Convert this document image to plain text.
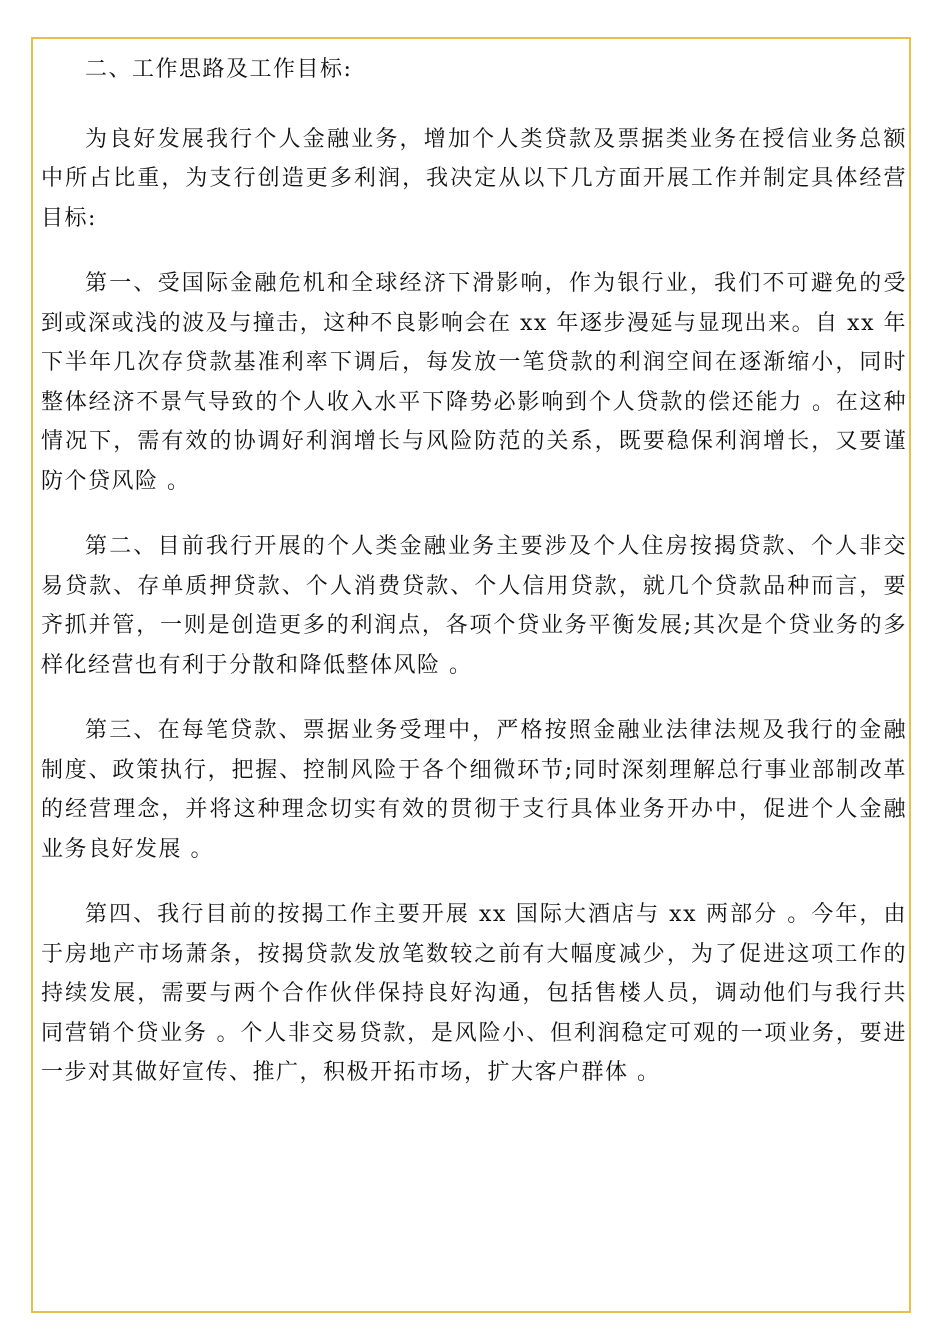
二、工作思路及工作目标:

为良好发展我行个人金融业务，增加个人类贷款及票据类业务在授信业务总额中所占比重，为支行创造更多利润，我决定从以下几方面开展工作并制定具体经营目标:

第一、受国际金融危机和全球经济下滑影响，作为银行业，我们不可避免的受到或深或浅的波及与撞击，这种不良影响会在 xx 年逐步漫延与显现出来。自 xx 年下半年几次存贷款基准利率下调后，每发放一笔贷款的利润空间在逐渐缩小，同时整体经济不景气导致的个人收入水平下降势必影响到个人贷款的偿还能力 。在这种情况下，需有效的协调好利润增长与风险防范的关系，既要稳保利润增长，又要谨防个贷风险 。

第二、目前我行开展的个人类金融业务主要涉及个人住房按揭贷款、个人非交易贷款、存单质押贷款、个人消费贷款、个人信用贷款，就几个贷款品种而言，要齐抓并管，一则是创造更多的利润点，各项个贷业务平衡发展;其次是个贷业务的多样化经营也有利于分散和降低整体风险 。

第三、在每笔贷款、票据业务受理中，严格按照金融业法律法规及我行的金融制度、政策执行，把握、控制风险于各个细微环节;同时深刻理解总行事业部制改革的经营理念，并将这种理念切实有效的贯彻于支行具体业务开办中，促进个人金融业务良好发展 。

第四、我行目前的按揭工作主要开展 xx 国际大酒店与 xx 两部分 。今年，由于房地产市场萧条，按揭贷款发放笔数较之前有大幅度减少，为了促进这项工作的持续发展，需要与两个合作伙伴保持良好沟通，包括售楼人员，调动他们与我行共同营销个贷业务 。个人非交易贷款，是风险小、但利润稳定可观的一项业务，要进一步对其做好宣传、推广，积极开拓市场，扩大客户群体 。
